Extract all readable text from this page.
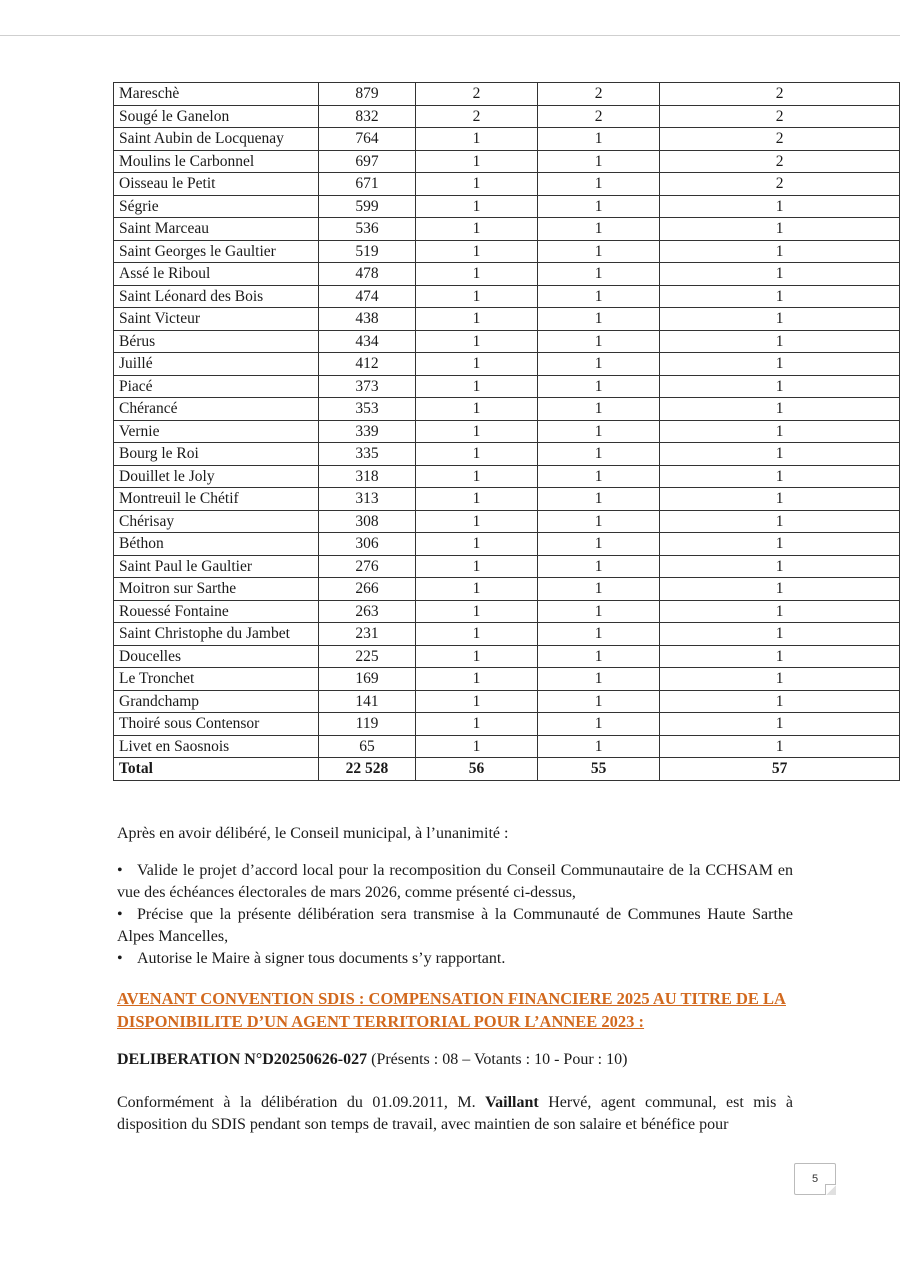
Mareschè	879	2	2	2
Sougé le Ganelon	832	2	2	2
Saint Aubin de Locquenay	764	1	1	2
Moulins le Carbonnel	697	1	1	2
Oisseau le Petit	671	1	1	2
Ségrie	599	1	1	1
Saint Marceau	536	1	1	1
Saint Georges le Gaultier	519	1	1	1
Assé le Riboul	478	1	1	1
Saint Léonard des Bois	474	1	1	1
Saint Victeur	438	1	1	1
Bérus	434	1	1	1
Juillé	412	1	1	1
Piacé	373	1	1	1
Chérancé	353	1	1	1
Vernie	339	1	1	1
Bourg le Roi	335	1	1	1
Douillet le Joly	318	1	1	1
Montreuil le Chétif	313	1	1	1
Chérisay	308	1	1	1
Béthon	306	1	1	1
Saint Paul le Gaultier	276	1	1	1
Moitron sur Sarthe	266	1	1	1
Rouessé Fontaine	263	1	1	1
Saint Christophe du Jambet	231	1	1	1
Doucelles	225	1	1	1
Le Tronchet	169	1	1	1
Grandchamp	141	1	1	1
Thoiré sous Contensor	119	1	1	1
Livet en Saosnois	65	1	1	1
Total	22 528	56	55	57
Après en avoir délibéré, le Conseil municipal, à l’unanimité :
• Valide le projet d’accord local pour la recomposition du Conseil Communautaire de la CCHSAM en vue des échéances électorales de mars 2026, comme présenté ci-dessus,
• Précise que la présente délibération sera transmise à la Communauté de Communes Haute Sarthe Alpes Mancelles,
• Autorise le Maire à signer tous documents s’y rapportant.
AVENANT CONVENTION SDIS : COMPENSATION FINANCIERE 2025 AU TITRE DE LA DISPONIBILITE D’UN AGENT TERRITORIAL POUR L’ANNEE 2023 :
DELIBERATION N°D20250626-027 (Présents : 08 – Votants : 10 - Pour : 10)
Conformément à la délibération du 01.09.2011, M. Vaillant Hervé, agent communal, est mis à disposition du SDIS pendant son temps de travail, avec maintien de son salaire et bénéfice pour
5
